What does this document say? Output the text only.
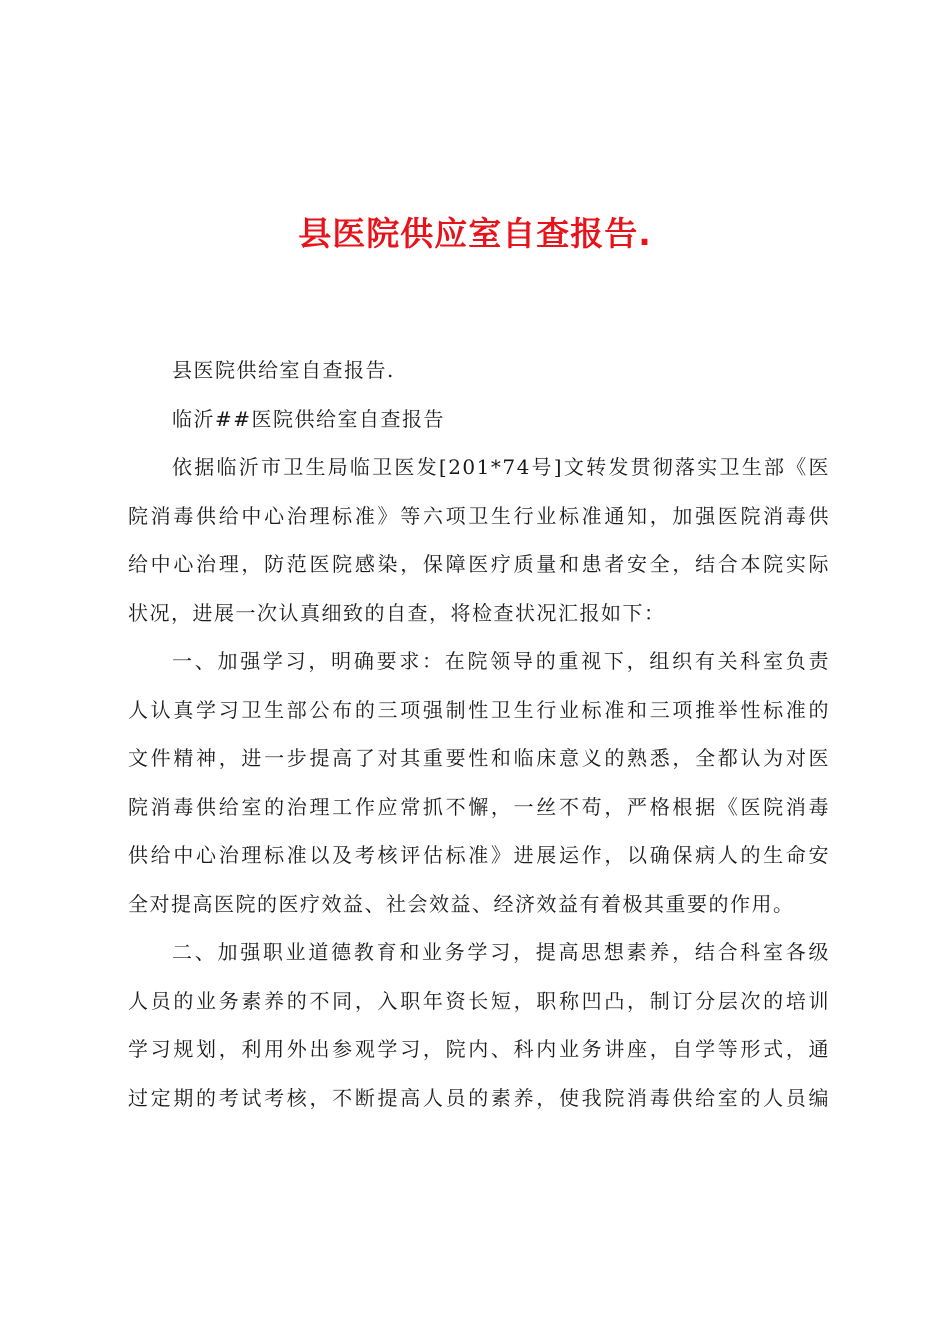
县医院供应室自查报告.

县医院供给室自查报告.

临沂##医院供给室自查报告

依据临沂市卫生局临卫医发[201*74号]文转发贯彻落实卫生部《医
院消毒供给中心治理标准》等六项卫生行业标准通知，加强医院消毒供
给中心治理，防范医院感染，保障医疗质量和患者安全，结合本院实际
状况，进展一次认真细致的自查，将检查状况汇报如下：
一、加强学习，明确要求：在院领导的重视下，组织有关科室负责
人认真学习卫生部公布的三项强制性卫生行业标准和三项推举性标准的
文件精神，进一步提高了对其重要性和临床意义的熟悉，全都认为对医
院消毒供给室的治理工作应常抓不懈，一丝不苟，严格根据《医院消毒
供给中心治理标准以及考核评估标准》进展运作，以确保病人的生命安
全对提高医院的医疗效益、社会效益、经济效益有着极其重要的作用。
二、加强职业道德教育和业务学习，提高思想素养，结合科室各级
人员的业务素养的不同，入职年资长短，职称凹凸，制订分层次的培训
学习规划，利用外出参观学习，院内、科内业务讲座，自学等形式，通
过定期的考试考核，不断提高人员的素养，使我院消毒供给室的人员编
